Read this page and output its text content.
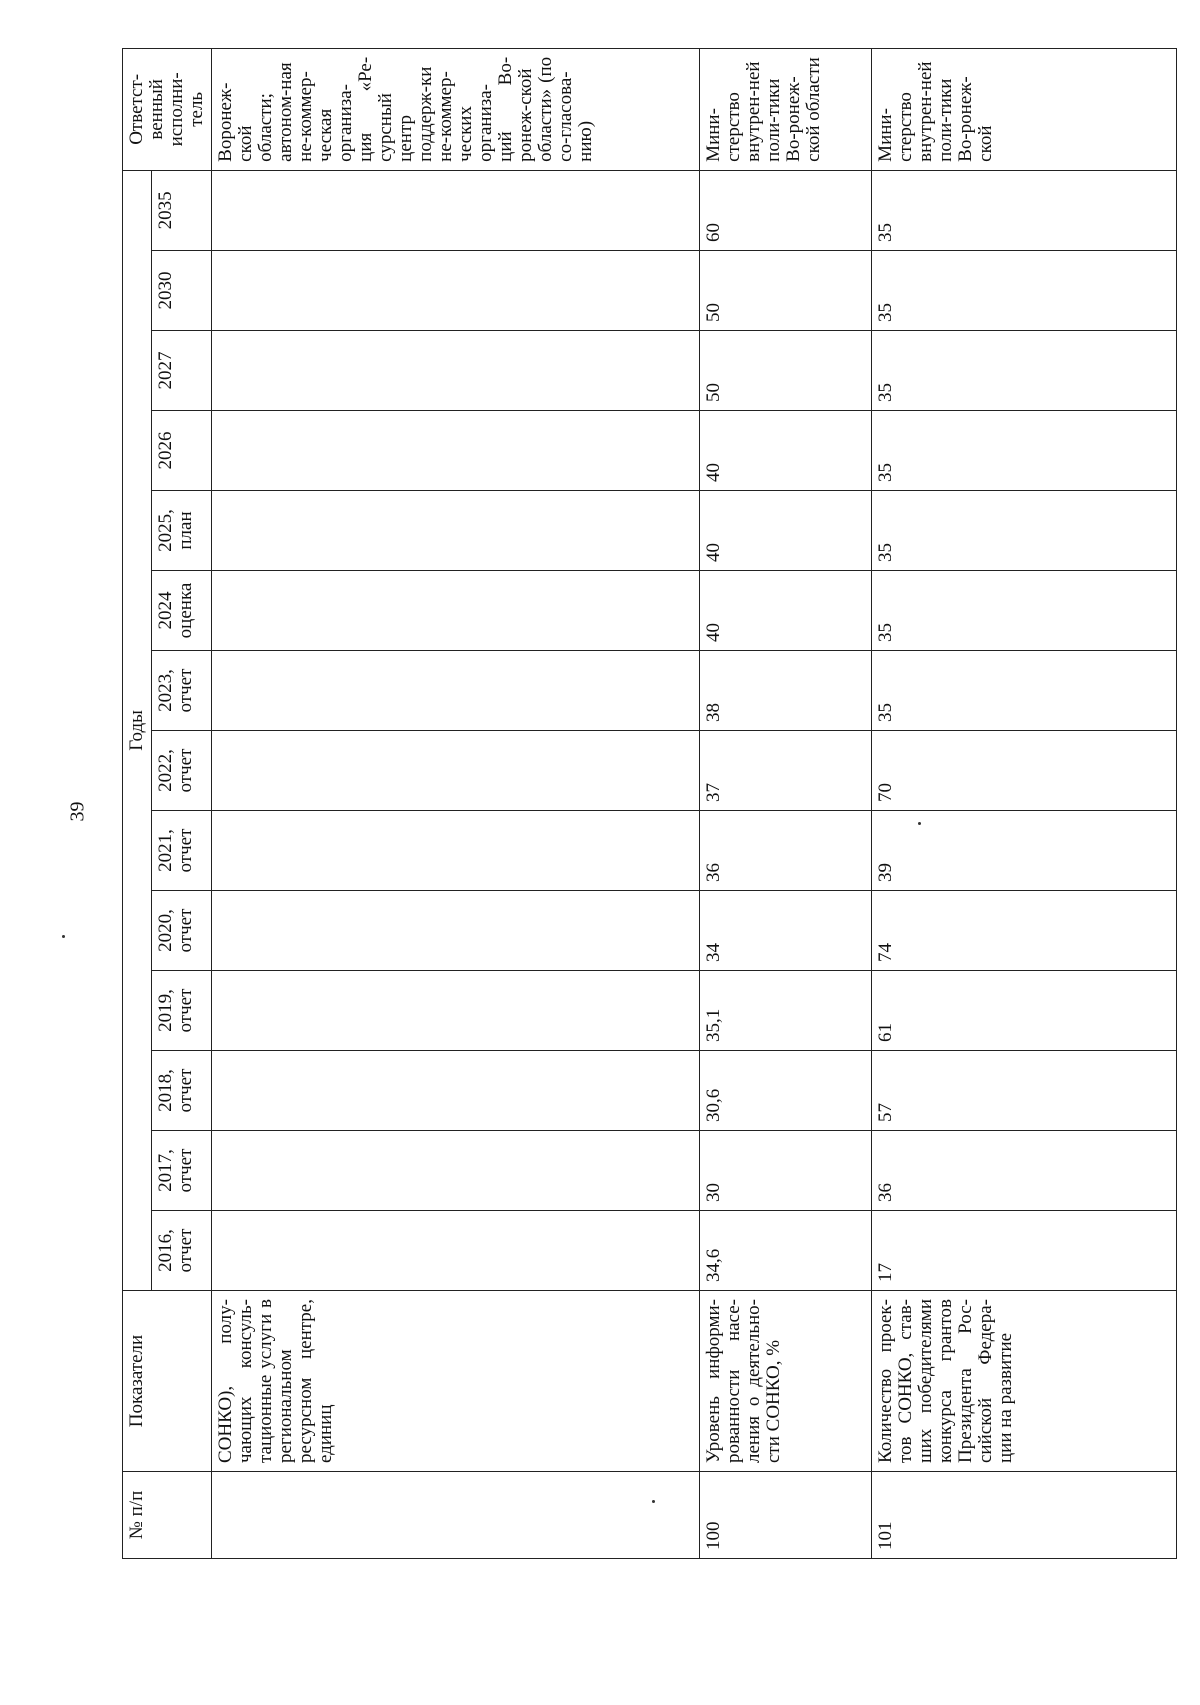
39
№ п/п	Показатели	Годы														Ответст-венный исполни-тель
		2016, отчет	2017, отчет	2018, отчет	2019, отчет	2020, отчет	2021, отчет	2022, отчет	2023, отчет	2024 оценка	2025, план	2026	2027	2030	2035	
	СОНКО), полу-чающих консуль-тационные услуги в региональном ресурсном центре, единиц															Воронеж-ской области; автоном-ная не-коммер-ческая организа-ция «Ре-сурсный центр поддерж-ки не-коммер-ческих организа-ций Во-ронеж-ской области» (по со-гласова-нию)
100	Уровень информи-рованности насе-ления о деятельно-сти СОНКО, %	34,6	30	30,6	35,1	34	36	37	38	40	40	40	50	50	60	Мини-стерство внутрен-ней поли-тики Во-ронеж-ской области
101	Количество проек-тов СОНКО, став-ших победителями конкурса грантов Президента Рос-сийской Федера-ции на развитие	17	36	57	61	74	39	70	35	35	35	35	35	35	35	Мини-стерство внутрен-ней поли-тики Во-ронеж-ской
